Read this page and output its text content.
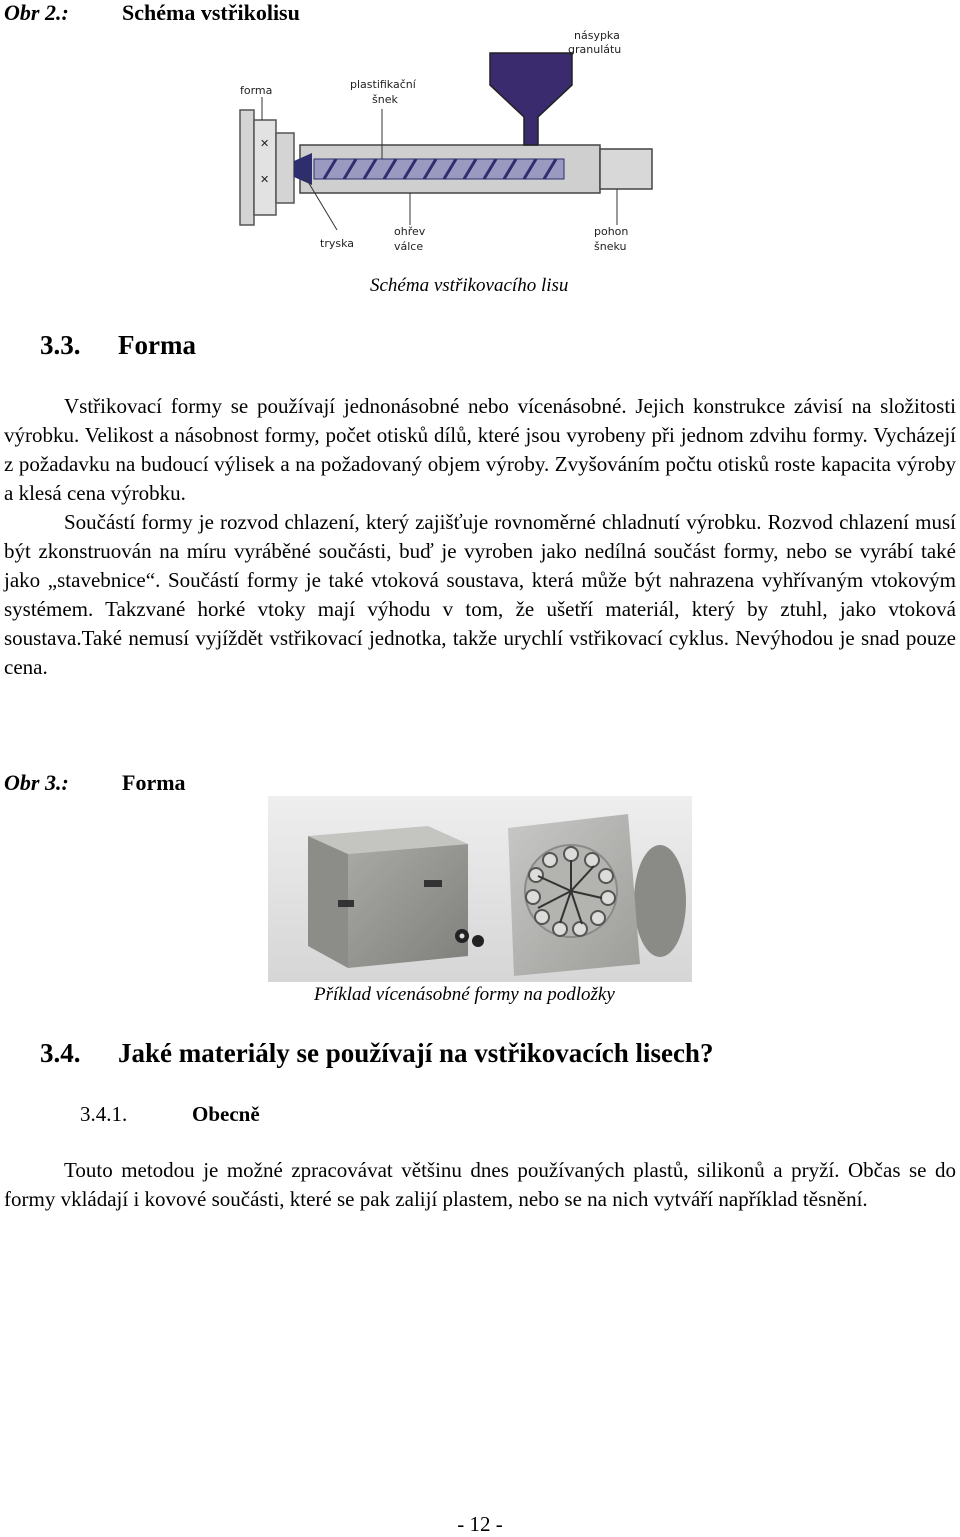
Obr 2.: Schéma vstřikolisu
✕
✕
forma	plastifikační
šnek
násypka
granulátu
tryska
ohřev
válce
pohon
šneku
Schéma vstřikovacího lisu
3.3. Forma

Vstřikovací formy se používají jednonásobné nebo vícenásobné. Jejich konstrukce závisí na složitosti výrobku. Velikost a násobnost formy, počet otisků dílů, které jsou vyrobeny při jednom zdvihu formy. Vycházejí z požadavku na budoucí výlisek a na požadovaný objem výroby. Zvyšováním počtu otisků roste kapacita výroby a klesá cena výrobku.

Součástí formy je rozvod chlazení, který zajišťuje rovnoměrné chladnutí výrobku. Rozvod chlazení musí být zkonstruován na míru vyráběné součásti, buď je vyroben jako nedílná součást formy, nebo se vyrábí také jako „stavebnice“. Součástí formy je také vtoková soustava, která může být nahrazena vyhřívaným vtokovým systémem. Takzvané horké vtoky mají výhodu v tom, že ušetří materiál, který by ztuhl, jako vtoková soustava.Také nemusí vyjíždět vstřikovací jednotka, takže urychlí vstřikovací cyklus. Nevýhodou je snad pouze cena.

Obr 3.: Forma
Příklad vícenásobné formy na podložky
3.4. Jaké materiály se používají na vstřikovacích lisech?
3.4.1.	Obecně

Touto metodou je možné zpracovávat většinu dnes používaných plastů, silikonů a pryží. Občas se do formy vkládají i kovové součásti, které se pak zalijí plastem, nebo se na nich vytváří například těsnění.

- 12 -
